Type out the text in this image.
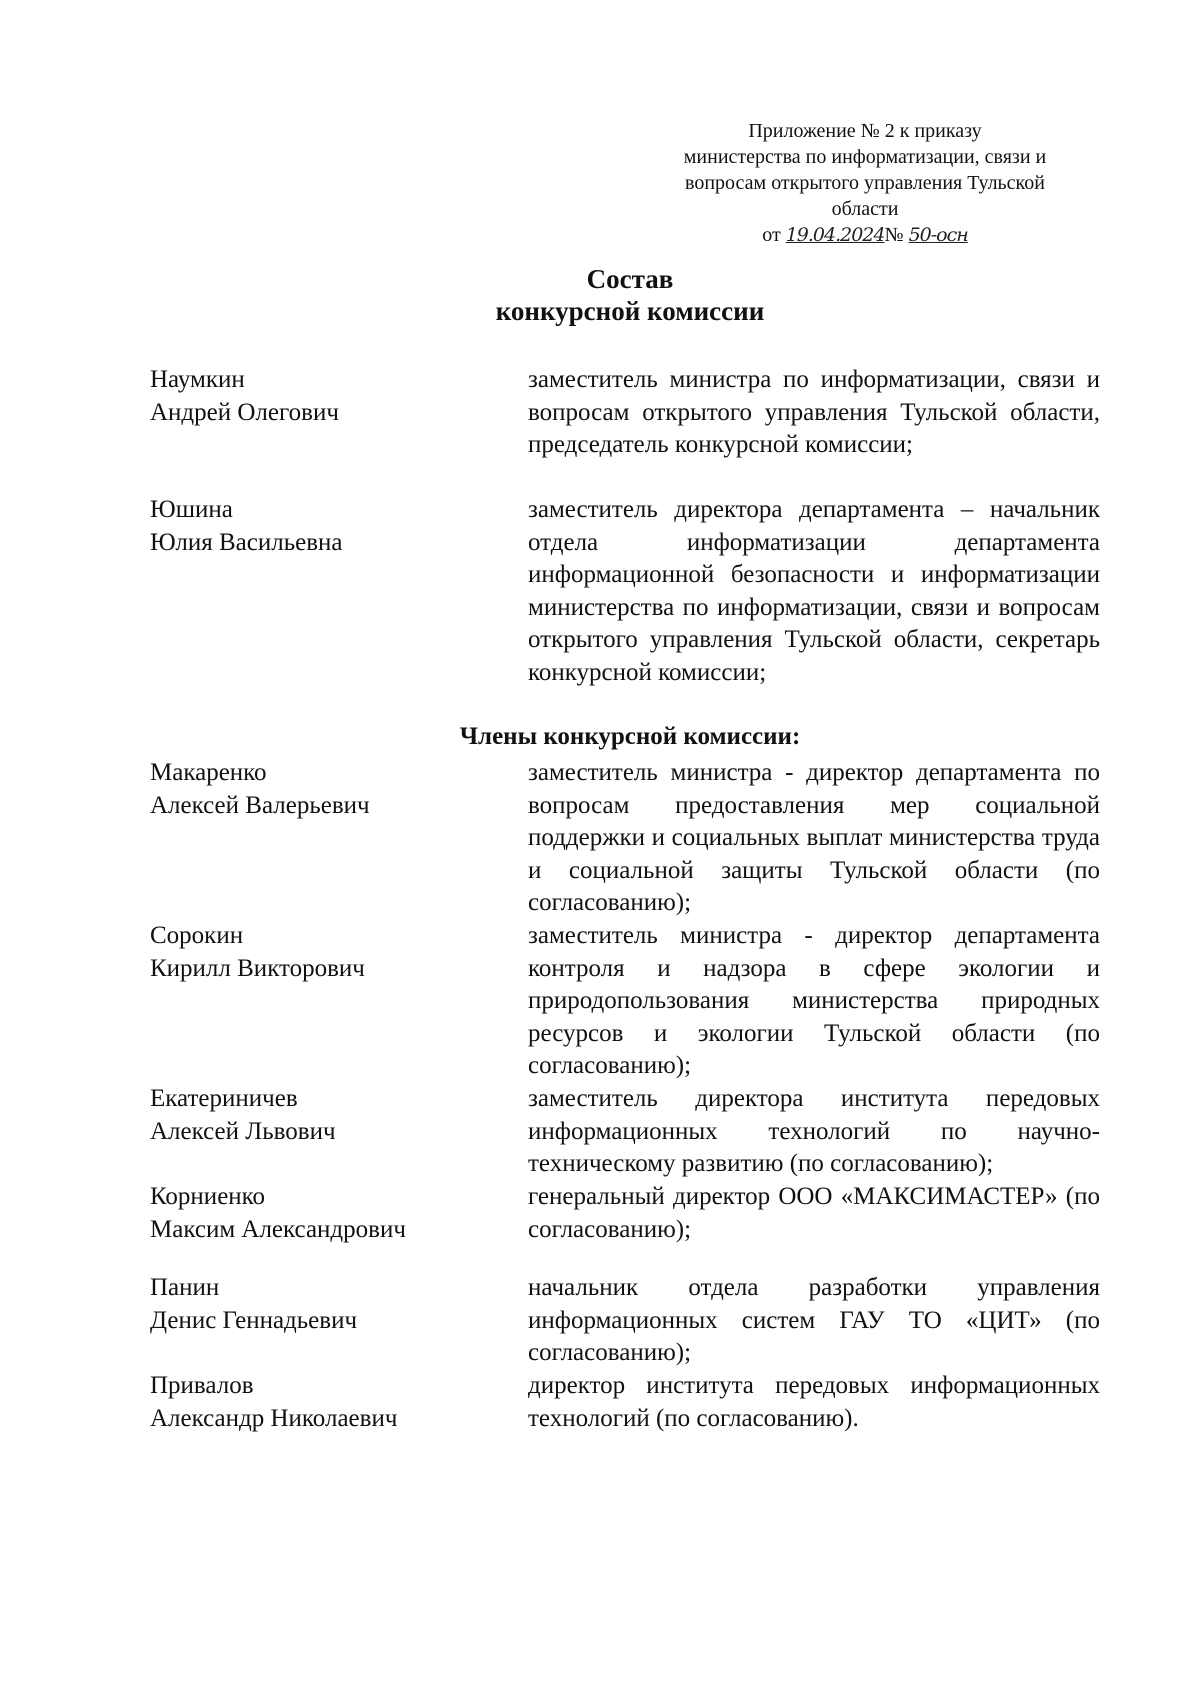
Приложение № 2 к приказу
министерства по информатизации, связи и
вопросам открытого управления Тульской
области
от 19.04.2024№ 50-осн
Состав
конкурсной комиссии
Наумкин
Андрей Олегович
заместитель министра по информатизации, связи и вопросам открытого управления Тульской области, председатель конкурсной комиссии;
Юшина
Юлия Васильевна
заместитель директора департамента – начальник отдела информатизации департамента информационной безопасности и информатизации министерства по информатизации, связи и вопросам открытого управления Тульской области, секретарь конкурсной комиссии;
Члены конкурсной комиссии:
Макаренко
Алексей Валерьевич
заместитель министра - директор департамента по вопросам предоставления мер социальной поддержки и социальных выплат министерства труда и социальной защиты Тульской области (по согласованию);
Сорокин
Кирилл Викторович
заместитель министра - директор департамента контроля и надзора в сфере экологии и природопользования министерства природных ресурсов и экологии Тульской области (по согласованию);
Екатериничев
Алексей Львович
заместитель директора института передовых информационных технологий по научно-техническому развитию (по согласованию);
Корниенко
Максим Александрович
генеральный директор ООО «МАКСИМАСТЕР» (по согласованию);
Панин
Денис Геннадьевич
начальник отдела разработки управления информационных систем ГАУ ТО «ЦИТ» (по согласованию);
Привалов
Александр Николаевич
директор института передовых информационных технологий (по согласованию).
